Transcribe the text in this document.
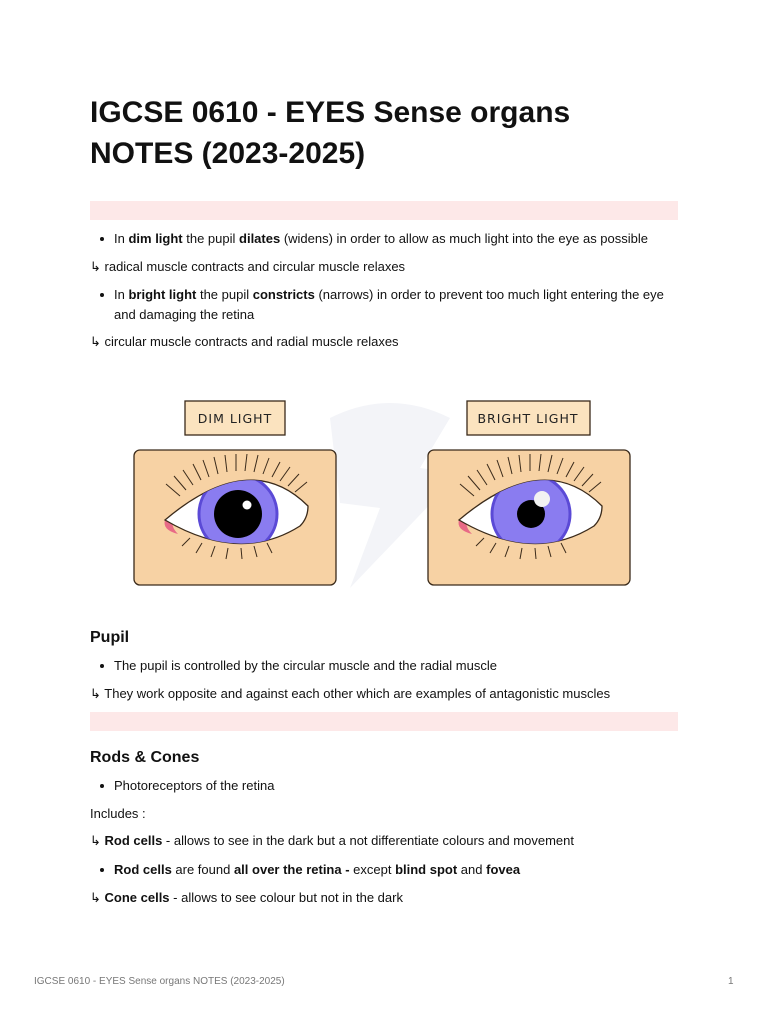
IGCSE 0610 - EYES Sense organs NOTES (2023-2025)
In dim light the pupil dilates (widens) in order to allow as much light into the eye as possible

↳ radical muscle contracts and circular muscle relaxes

In bright light the pupil constricts (narrows) in order to prevent too much light entering the eye and damaging the retina

↳ circular muscle contracts and radial muscle relaxes

DIM LIGHT	BRIGHT LIGHT
Pupil
The pupil is controlled by the circular muscle and the radial muscle

↳ They work opposite and against each other which are examples of antagonistic muscles

Rods & Cones
Photoreceptors of the retina

Includes :

↳ Rod cells - allows to see in the dark but a not differentiate colours and movement

Rod cells are found all over the retina - except blind spot and fovea

↳ Cone cells - allows to see colour but not in the dark

IGCSE 0610 - EYES Sense organs NOTES (2023-2025)	1
